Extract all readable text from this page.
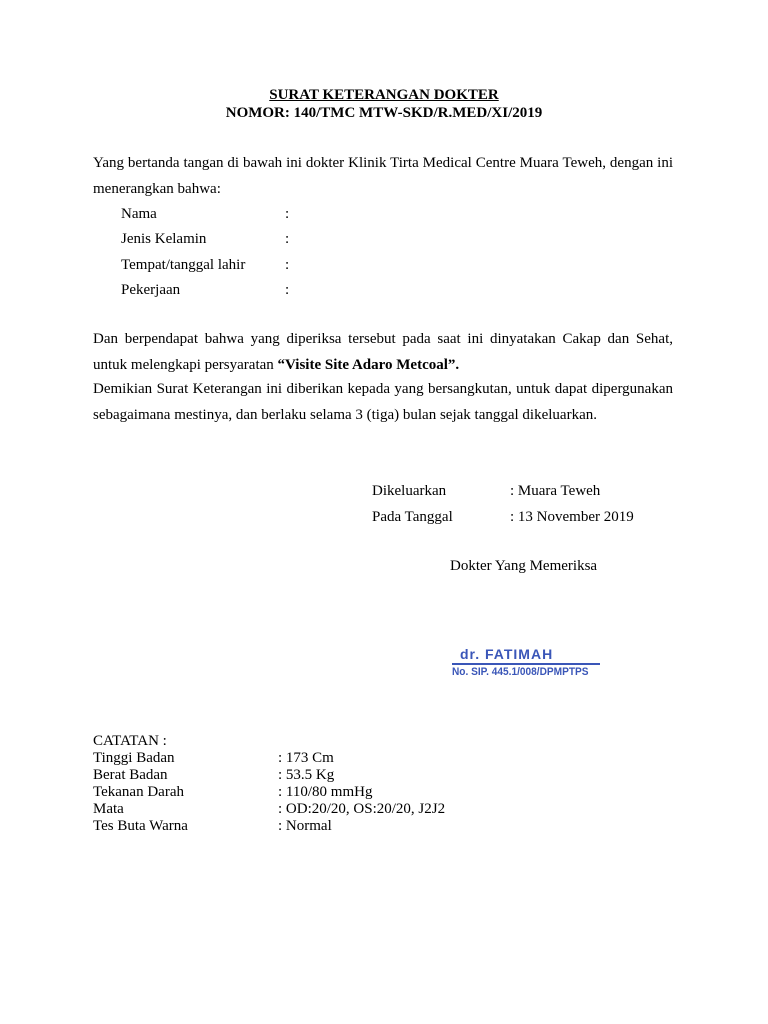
SURAT KETERANGAN DOKTER
NOMOR: 140/TMC MTW-SKD/R.MED/XI/2019
Yang bertanda tangan di bawah ini dokter Klinik Tirta Medical Centre Muara Teweh, dengan ini menerangkan bahwa:
Nama	:
Jenis Kelamin	:
Tempat/tanggal lahir	:
Pekerjaan	:
Dan berpendapat bahwa yang diperiksa tersebut pada saat ini dinyatakan Cakap dan Sehat, untuk melengkapi persyaratan “Visite Site Adaro Metcoal”.
Demikian Surat Keterangan ini diberikan kepada yang bersangkutan, untuk dapat dipergunakan sebagaimana mestinya, dan berlaku selama 3 (tiga) bulan sejak tanggal dikeluarkan.
Dikeluarkan	: Muara Teweh
Pada Tanggal	: 13 November 2019
Dokter Yang Memeriksa
dr. FATIMAH
No. SIP. 445.1/008/DPMPTPS
CATATAN :
Tinggi Badan	: 173 Cm
Berat Badan	: 53.5 Kg
Tekanan Darah	: 110/80 mmHg
Mata	: OD:20/20, OS:20/20, J2J2
Tes Buta Warna	: Normal
